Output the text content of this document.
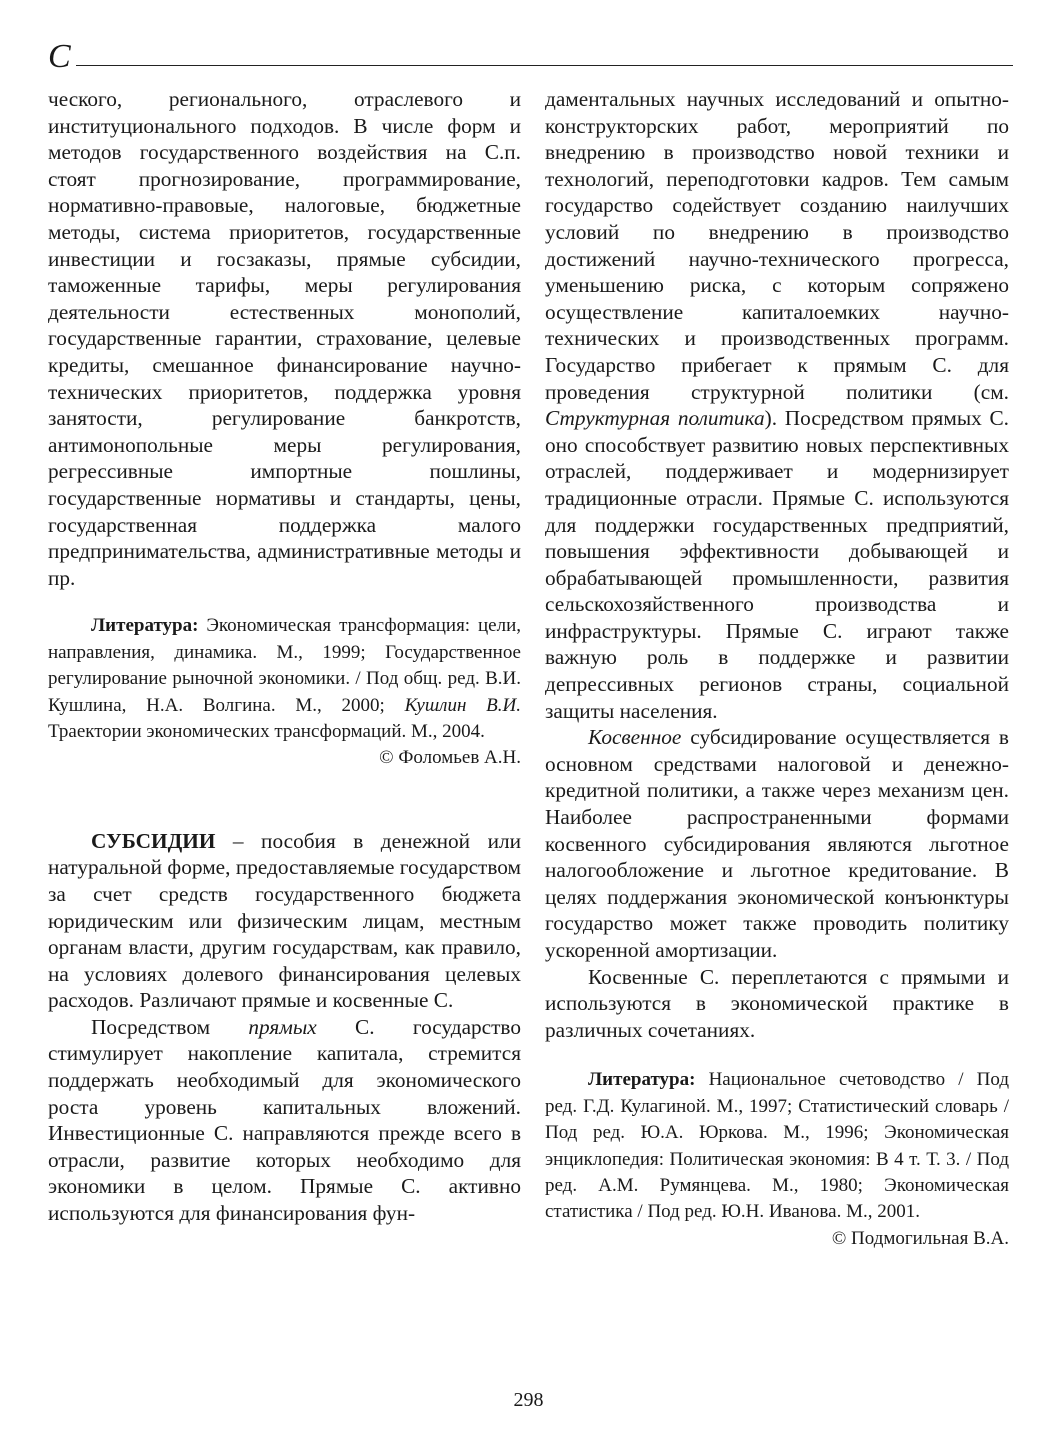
С

ческого, регионального, отраслевого и институционального подходов. В числе форм и методов государственного воздействия на С.п. стоят прогнозирование, программирование, нормативно-правовые, налоговые, бюджетные методы, система приоритетов, государственные инвестиции и госзаказы, прямые субсидии, таможенные тарифы, меры регулирования деятельности естественных монополий, государственные гарантии, страхование, целевые кредиты, смешанное финансирование научно-технических приоритетов, поддержка уровня занятости, регулирование банкротств, антимонопольные меры регулирования, регрессивные импортные пошлины, государственные нормативы и стандарты, цены, государственная поддержка малого предпринимательства, административные методы и пр.

Литература: Экономическая трансформация: цели, направления, динамика. М., 1999; Государственное регулирование рыночной экономики. / Под общ. ред. В.И. Кушлина, Н.А. Волгина. М., 2000; Кушлин В.И. Траектории экономических трансформаций. М., 2004.

© Фоломьев А.Н.

СУБСИДИИ – пособия в денежной или натуральной форме, предоставляемые государством за счет средств государственного бюджета юридическим или физическим лицам, местным органам власти, другим государствам, как правило, на условиях долевого финансирования целевых расходов. Различают прямые и косвенные С.

Посредством прямых С. государство стимулирует накопление капитала, стремится поддержать необходимый для экономического роста уровень капитальных вложений. Инвестиционные С. направляются прежде всего в отрасли, развитие которых необходимо для экономики в целом. Прямые С. активно используются для финансирования фун-

даментальных научных исследований и опытно-конструкторских работ, мероприятий по внедрению в производство новой техники и технологий, переподготовки кадров. Тем самым государство содействует созданию наилучших условий по внедрению в производство достижений научно-технического прогресса, уменьшению риска, с которым сопряжено осуществление капиталоемких научно-технических и производственных программ. Государство прибегает к прямым С. для проведения структурной политики (см. Структурная политика). Посредством прямых С. оно способствует развитию новых перспективных отраслей, поддерживает и модернизирует традиционные отрасли. Прямые С. используются для поддержки государственных предприятий, повышения эффективности добывающей и обрабатывающей промышленности, развития сельскохозяйственного производства и инфраструктуры. Прямые С. играют также важную роль в поддержке и развитии депрессивных регионов страны, социальной защиты населения.

Косвенное субсидирование осуществляется в основном средствами налоговой и денежно-кредитной политики, а также через механизм цен. Наиболее распространенными формами косвенного субсидирования являются льготное налогообложение и льготное кредитование. В целях поддержания экономической конъюнктуры государство может также проводить политику ускоренной амортизации.

Косвенные С. переплетаются с прямыми и используются в экономической практике в различных сочетаниях.

Литература: Национальное счетоводство / Под ред. Г.Д. Кулагиной. М., 1997; Статистический словарь / Под ред. Ю.А. Юркова. М., 1996; Экономическая энциклопедия: Политическая экономия: В 4 т. Т. 3. / Под ред. А.М. Румянцева. М., 1980; Экономическая статистика / Под ред. Ю.Н. Иванова. М., 2001.

© Подмогильная В.А.

298
